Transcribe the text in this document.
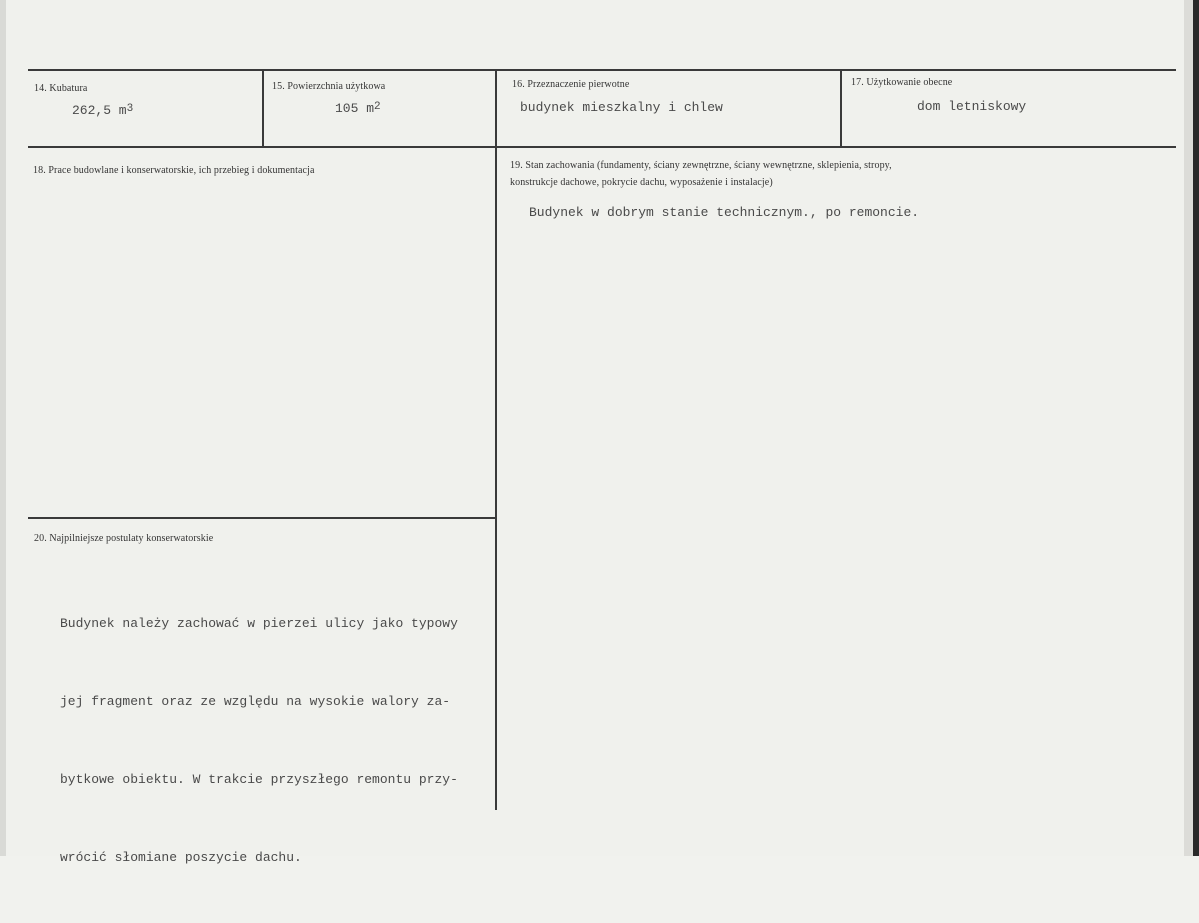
14. Kubatura
262,5 $m^3$
15. Powierzchnia użytkowa
105 $m^2$
16. Przeznaczenie pierwotne
budynek mieszkalny i chlew
17. Użytkowanie obecne
dom letniskowy
18. Prace budowlane i konserwatorskie, ich przebieg i dokumentacja	19. Stan zachowania (fundamenty, ściany zewnętrzne, ściany wewnętrzne, sklepienia, stropy,
konstrukcje dachowe, pokrycie dachu, wyposażenie i instalacje)
Budynek w dobrym stanie technicznym., po remoncie.
20. Najpilniejsze postulaty konserwatorskie

Budynek należy zachować w pierzei ulicy jako typowy

jej fragment oraz ze względu na wysokie walory za-

bytkowe obiektu. W trakcie przyszłego remontu przy-

wrócić słomiane poszycie dachu.
